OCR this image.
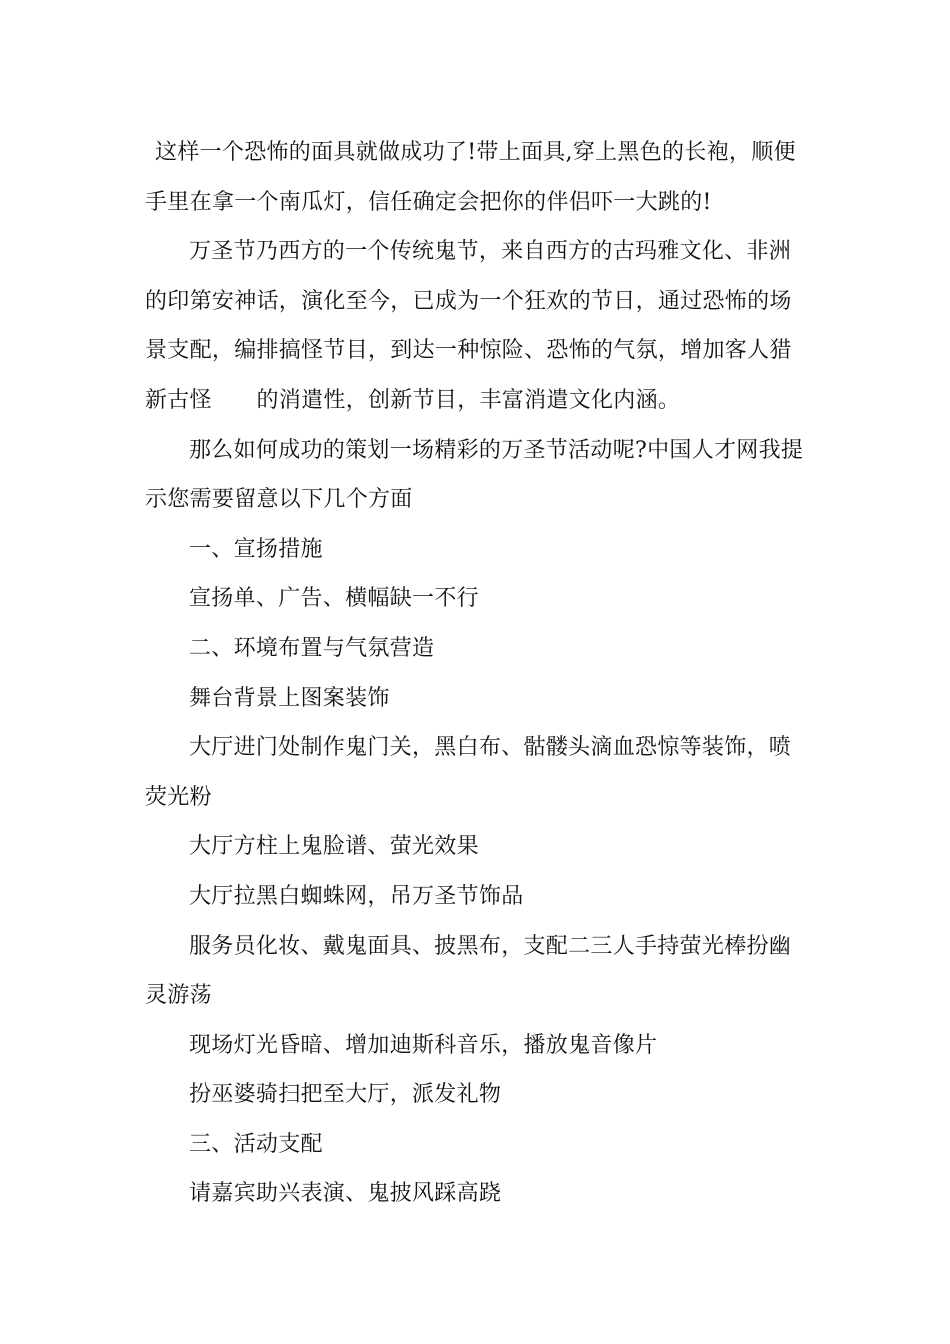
这样一个恐怖的面具就做成功了!带上面具,穿上黑色的长袍，顺便

手里在拿一个南瓜灯，信任确定会把你的伴侣吓一大跳的!

万圣节乃西方的一个传统鬼节，来自西方的古玛雅文化、非洲

的印第安神话，演化至今，已成为一个狂欢的节日，通过恐怖的场

景支配，编排搞怪节目，到达一种惊险、恐怖的气氛，增加客人猎

新古怪　　的消遣性，创新节目，丰富消遣文化内涵。

那么如何成功的策划一场精彩的万圣节活动呢?中国人才网我提

示您需要留意以下几个方面

一、宣扬措施

宣扬单、广告、横幅缺一不行

二、环境布置与气氛营造

舞台背景上图案装饰

大厅进门处制作鬼门关，黑白布、骷髅头滴血恐惊等装饰，喷

荧光粉

大厅方柱上鬼脸谱、萤光效果

大厅拉黑白蜘蛛网，吊万圣节饰品

服务员化妆、戴鬼面具、披黑布，支配二三人手持萤光棒扮幽

灵游荡

现场灯光昏暗、增加迪斯科音乐，播放鬼音像片

扮巫婆骑扫把至大厅，派发礼物

三、活动支配

请嘉宾助兴表演、鬼披风踩高跷
